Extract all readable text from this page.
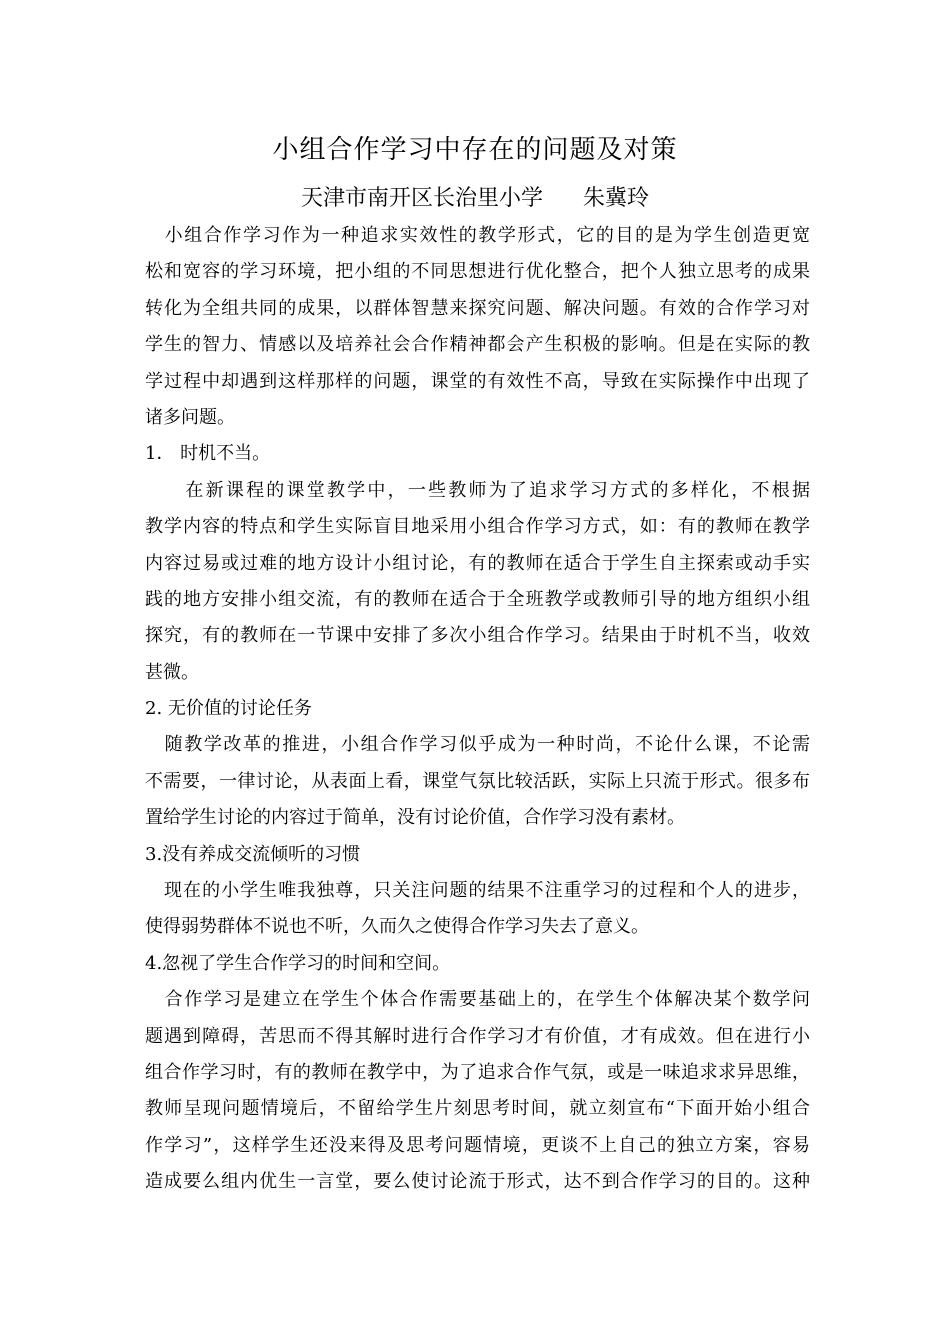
小组合作学习中存在的问题及对策
天津市南开区长治里小学 朱冀玲
　小组合作学习作为一种追求实效性的教学形式，它的目的是为学生创造更宽
松和宽容的学习环境，把小组的不同思想进行优化整合，把个人独立思考的成果
转化为全组共同的成果，以群体智慧来探究问题、解决问题。有效的合作学习对
学生的智力、情感以及培养社会合作精神都会产生积极的影响。但是在实际的教
学过程中却遇到这样那样的问题，课堂的有效性不高，导致在实际操作中出现了
诸多问题。
1． 时机不当。
　　在新课程的课堂教学中，一些教师为了追求学习方式的多样化，不根据
教学内容的特点和学生实际盲目地采用小组合作学习方式，如：有的教师在教学
内容过易或过难的地方设计小组讨论，有的教师在适合于学生自主探索或动手实
践的地方安排小组交流，有的教师在适合于全班教学或教师引导的地方组织小组
探究，有的教师在一节课中安排了多次小组合作学习。结果由于时机不当，收效
甚微。
2. 无价值的讨论任务
　随教学改革的推进，小组合作学习似乎成为一种时尚，不论什么课，不论需
不需要，一律讨论，从表面上看，课堂气氛比较活跃，实际上只流于形式。很多布
置给学生讨论的内容过于简单，没有讨论价值，合作学习没有素材。
3.没有养成交流倾听的习惯
　现在的小学生唯我独尊，只关注问题的结果不注重学习的过程和个人的进步，
使得弱势群体不说也不听，久而久之使得合作学习失去了意义。
4.忽视了学生合作学习的时间和空间。
　合作学习是建立在学生个体合作需要基础上的，在学生个体解决某个数学问
题遇到障碍，苦思而不得其解时进行合作学习才有价值，才有成效。但在进行小
组合作学习时，有的教师在教学中，为了追求合作气氛，或是一味追求求异思维，
教师呈现问题情境后，不留给学生片刻思考时间，就立刻宣布“下面开始小组合
作学习”，这样学生还没来得及思考问题情境，更谈不上自己的独立方案，容易
造成要么组内优生一言堂，要么使讨论流于形式，达不到合作学习的目的。这种
